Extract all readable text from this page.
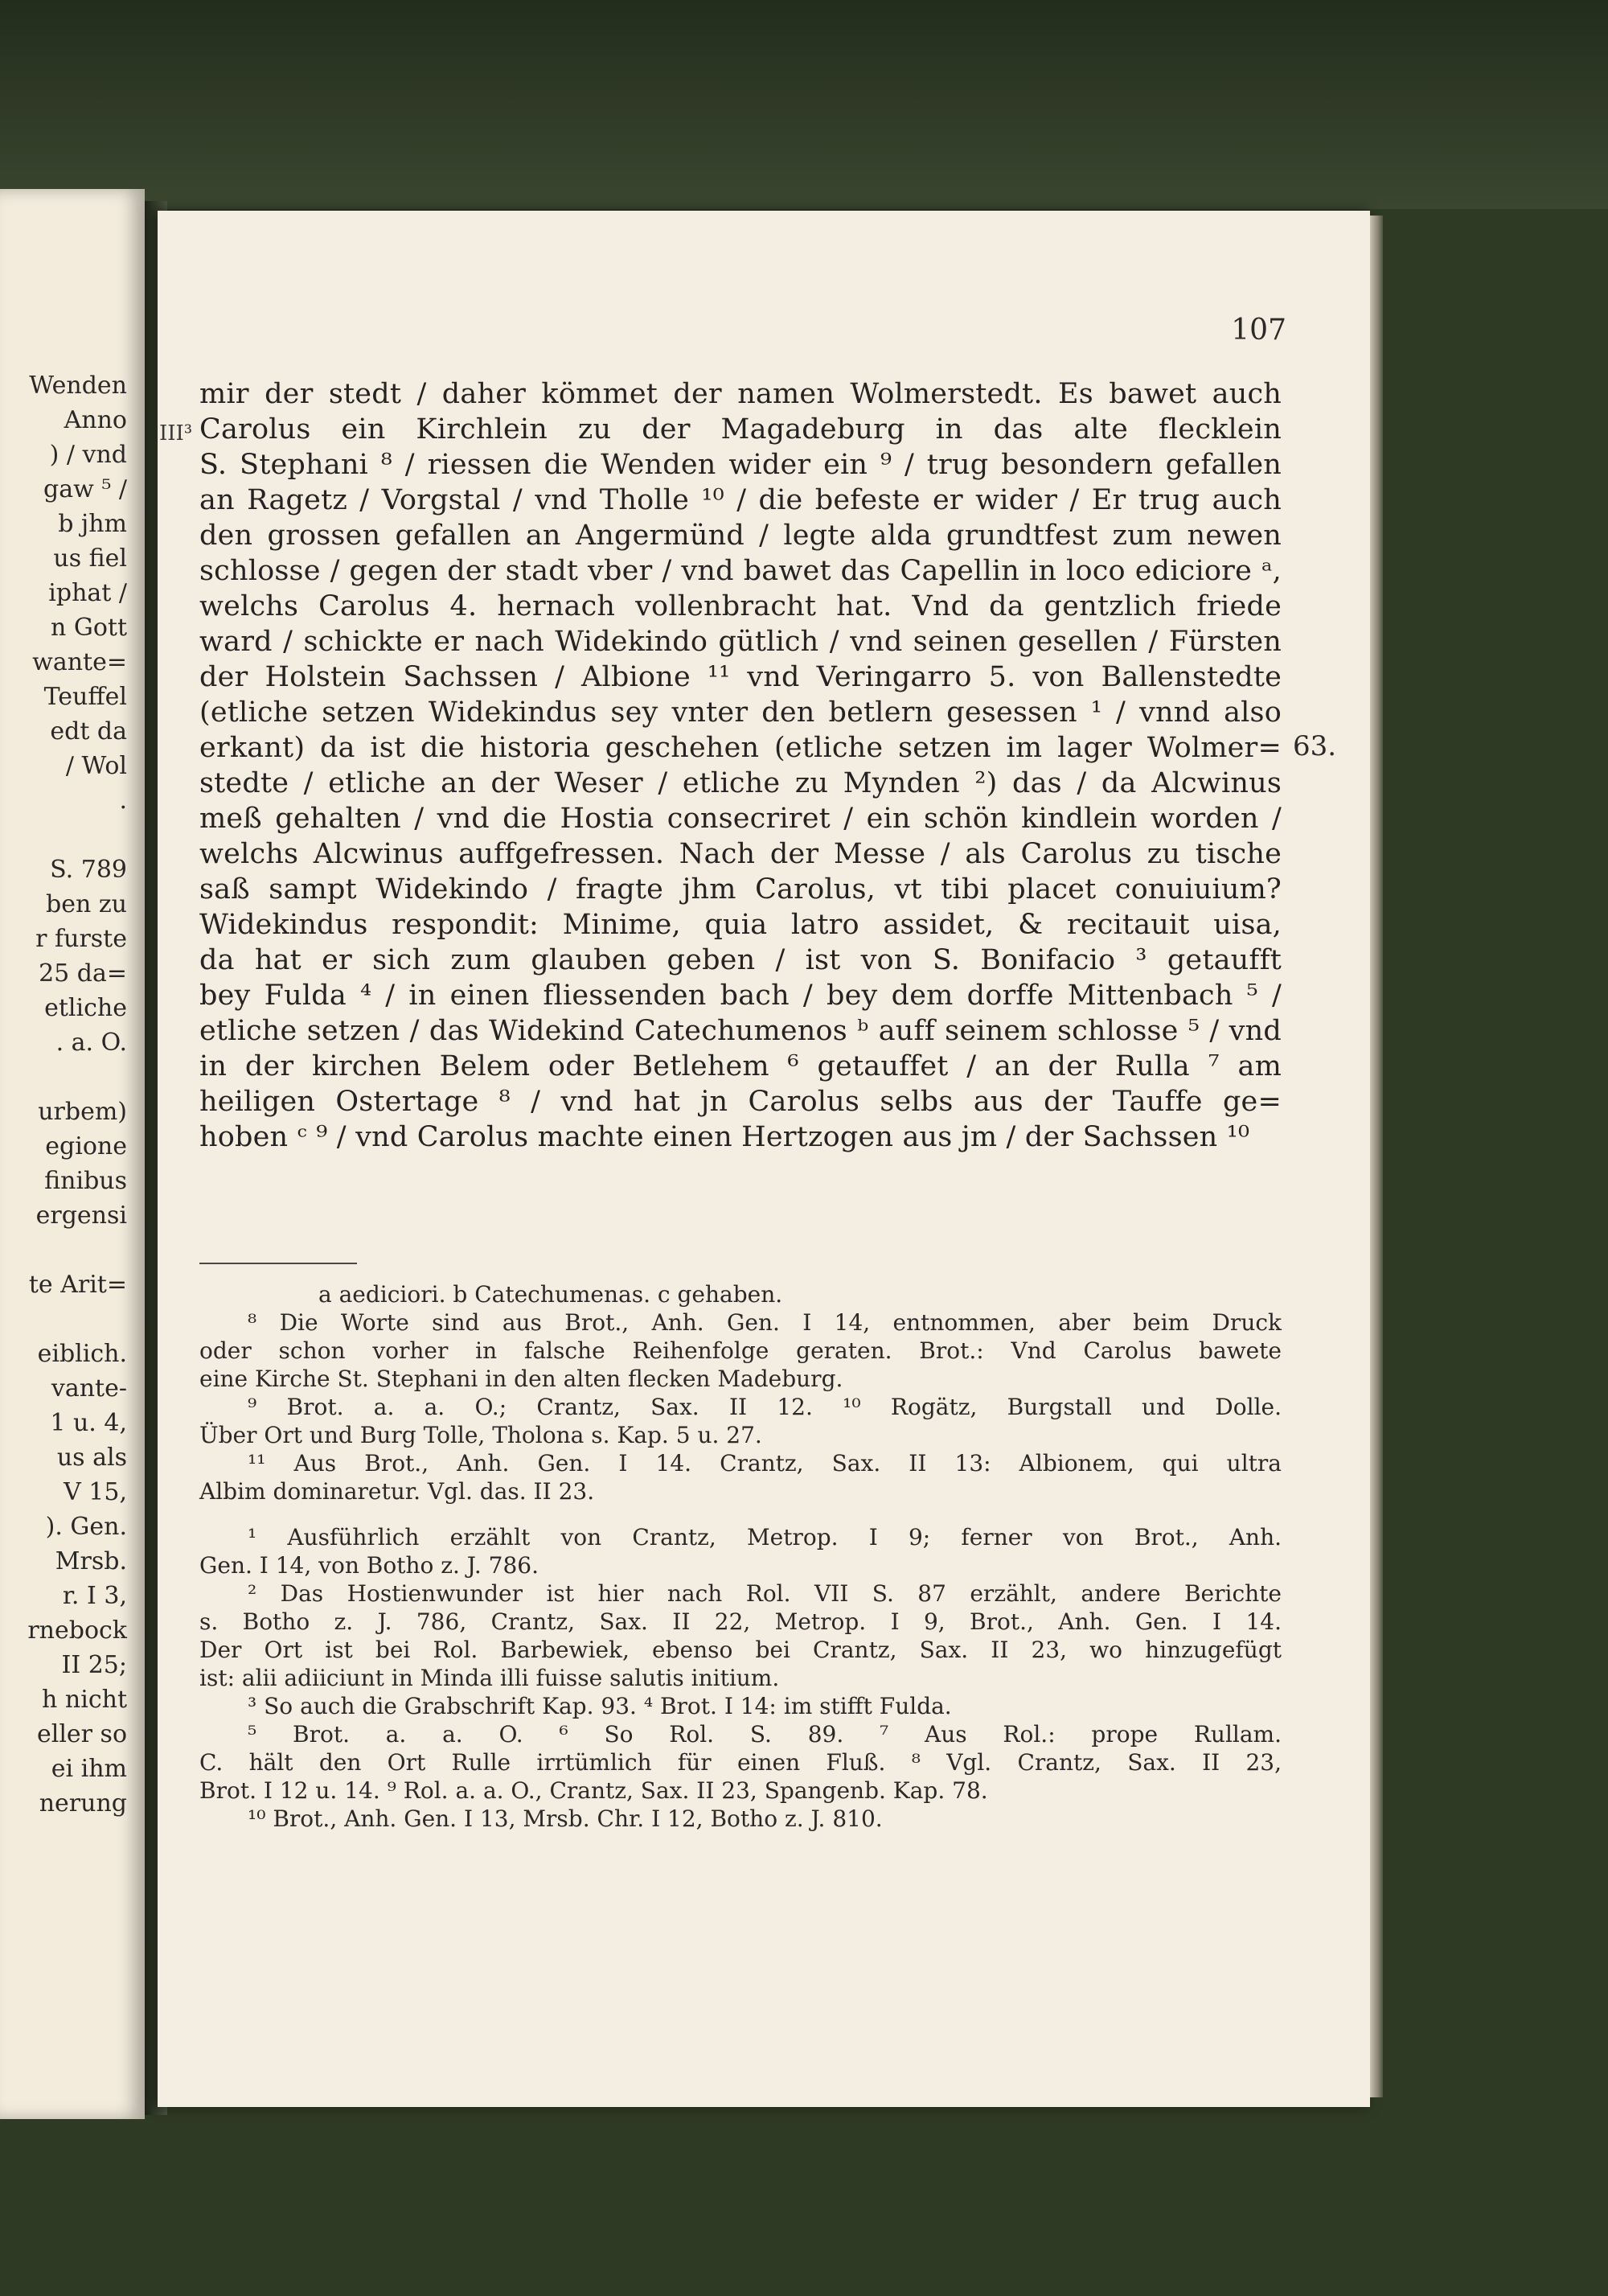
Wenden
Anno
) / vnd
gaw ⁵ /
b jhm
us fiel
iphat /
n Gott
wante=
Teuffel
edt da
/ Wol
.
S. 789
ben zu
r furste
25 da=
etliche
. a. O.
urbem)
egione
finibus
ergensi
te Arit=
eiblich.
vante-
1 u. 4,
us als
V 15,
). Gen.
Mrsb.
r. I 3,
rnebock
II 25;
h nicht
eller so
ei ihm
nerung
107
III³
63.
mir der stedt / daher kömmet der namen Wolmerstedt. Es bawet auch
Carolus ein Kirchlein zu der Magadeburg in das alte flecklein
S. Stephani ⁸ / riessen die Wenden wider ein ⁹ / trug besondern gefallen
an Ragetz / Vorgstal / vnd Tholle ¹⁰ / die befeste er wider / Er trug auch
den grossen gefallen an Angermünd / legte alda grundtfest zum newen
schlosse / gegen der stadt vber / vnd bawet das Capellin in loco ediciore ᵃ,
welchs Carolus 4. hernach vollenbracht hat. Vnd da gentzlich friede
ward / schickte er nach Widekindo gütlich / vnd seinen gesellen / Fürsten
der Holstein Sachssen / Albione ¹¹ vnd Veringarro 5. von Ballenstedte
(etliche setzen Widekindus sey vnter den betlern gesessen ¹ / vnnd also
erkant) da ist die historia geschehen (etliche setzen im lager Wolmer=
stedte / etliche an der Weser / etliche zu Mynden ²) das / da Alcwinus
meß gehalten / vnd die Hostia consecriret / ein schön kindlein worden /
welchs Alcwinus auffgefressen. Nach der Messe / als Carolus zu tische
saß sampt Widekindo / fragte jhm Carolus, vt tibi placet conuiuium?
Widekindus respondit: Minime, quia latro assidet, & recitauit uisa,
da hat er sich zum glauben geben / ist von S. Bonifacio ³ getaufft
bey Fulda ⁴ / in einen fliessenden bach / bey dem dorffe Mittenbach ⁵ /
etliche setzen / das Widekind Catechumenos ᵇ auff seinem schlosse ⁵ / vnd
in der kirchen Belem oder Betlehem ⁶ getauffet / an der Rulla ⁷ am
heiligen Ostertage ⁸ / vnd hat jn Carolus selbs aus der Tauffe ge=
hoben ᶜ ⁹ / vnd Carolus machte einen Hertzogen aus jm / der Sachssen ¹⁰
a aediciori. b Catechumenas. c gehaben.
⁸ Die Worte sind aus Brot., Anh. Gen. I 14, entnommen, aber beim Druck
oder schon vorher in falsche Reihenfolge geraten. Brot.: Vnd Carolus bawete
eine Kirche St. Stephani in den alten flecken Madeburg.
⁹ Brot. a. a. O.; Crantz, Sax. II 12. ¹⁰ Rogätz, Burgstall und Dolle.
Über Ort und Burg Tolle, Tholona s. Kap. 5 u. 27.
¹¹ Aus Brot., Anh. Gen. I 14. Crantz, Sax. II 13: Albionem, qui ultra
Albim dominaretur. Vgl. das. II 23.
¹ Ausführlich erzählt von Crantz, Metrop. I 9; ferner von Brot., Anh.
Gen. I 14, von Botho z. J. 786.
² Das Hostienwunder ist hier nach Rol. VII S. 87 erzählt, andere Berichte
s. Botho z. J. 786, Crantz, Sax. II 22, Metrop. I 9, Brot., Anh. Gen. I 14.
Der Ort ist bei Rol. Barbewiek, ebenso bei Crantz, Sax. II 23, wo hinzugefügt
ist: alii adiiciunt in Minda illi fuisse salutis initium.
³ So auch die Grabschrift Kap. 93. ⁴ Brot. I 14: im stifft Fulda.
⁵ Brot. a. a. O. ⁶ So Rol. S. 89. ⁷ Aus Rol.: prope Rullam.
C. hält den Ort Rulle irrtümlich für einen Fluß. ⁸ Vgl. Crantz, Sax. II 23,
Brot. I 12 u. 14. ⁹ Rol. a. a. O., Crantz, Sax. II 23, Spangenb. Kap. 78.
¹⁰ Brot., Anh. Gen. I 13, Mrsb. Chr. I 12, Botho z. J. 810.
